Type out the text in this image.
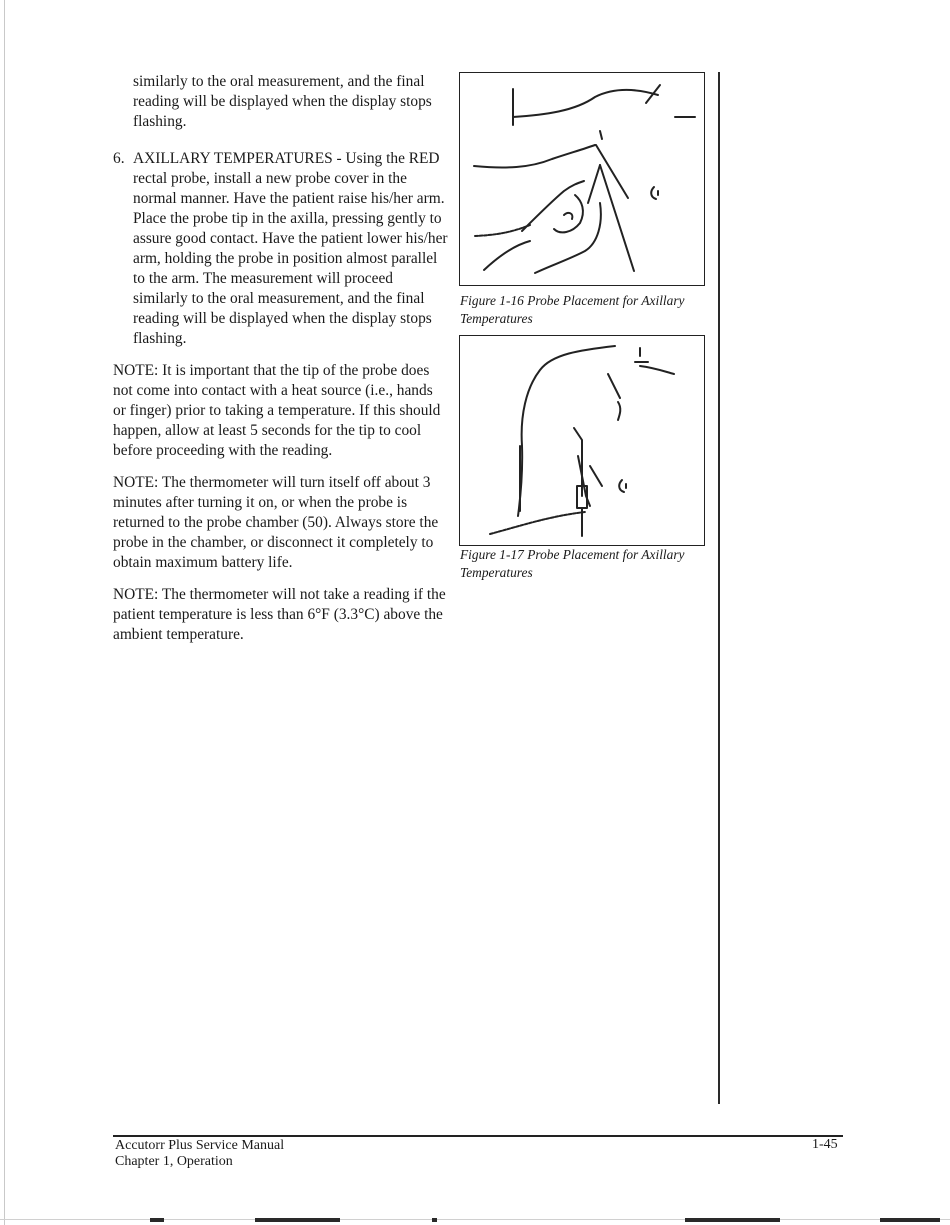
similarly to the oral measurement, and the final reading will be displayed when the display stops flashing.

6. AXILLARY TEMPERATURES - Using the RED rectal probe, install a new probe cover in the normal manner. Have the patient raise his/her arm. Place the probe tip in the axilla, pressing gently to assure good contact. Have the patient lower his/her arm, holding the probe in position almost parallel to the arm. The measurement will proceed similarly to the oral measurement, and the final reading will be displayed when the display stops flashing.

NOTE: It is important that the tip of the probe does not come into contact with a heat source (i.e., hands or finger) prior to taking a temperature. If this should happen, allow at least 5 seconds for the tip to cool before proceeding with the reading.

NOTE: The thermometer will turn itself off about 3 minutes after turning it on, or when the probe is returned to the probe chamber (50). Always store the probe in the chamber, or disconnect it completely to obtain maximum battery life.

NOTE: The thermometer will not take a reading if the patient temperature is less than 6°F (3.3°C) above the ambient temperature.

Figure 1-16 Probe Placement for Axillary
Temperatures
Figure 1-17 Probe Placement for Axillary
Temperatures
Accutorr Plus Service Manual
Chapter 1, Operation
1-45
